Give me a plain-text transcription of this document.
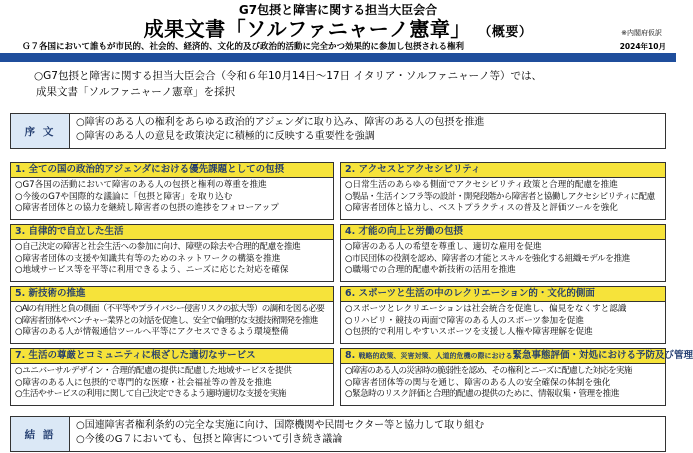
G7包摂と障害に関する担当大臣会合
成果文書「ソルファニャーノ憲章」 （概要）	※内閣府仮訳
Ｇ７各国において誰もが市民的、社会的、経済的、文化的及び政治的活動に完全かつ効果的に参加し包摂される権利	2024年10月
○G7包摂と障害に関する担当大臣会合（令和６年10月14日～17日 イタリア・ソルファニャーノ等）では、
成果文書「ソルファニャーノ憲章」を採択
序 文
○障害のある人の権利をあらゆる政治的アジェンダに取り込み、障害のある人の包摂を推進
○障害のある人の意見を政策決定に積極的に反映する重要性を強調
1. 全ての国の政治的アジェンダにおける優先課題としての包摂
○G7各国の活動において障害のある人の包摂と権利の尊重を推進
○今後のG7や国際的な議論に「包摂と障害」を取り込む
○障害者団体との協力を継続し障害者の包摂の進捗をフォローアップ
2. アクセスとアクセシビリティ
○日常生活のあらゆる側面でアクセシビリティ政策と合理的配慮を推進
○製品・生活インフラ等の設計・開発段階から障害者と協働しアクセシビリティに配慮
○障害者団体と協力し、ベストプラクティスの普及と評価ツールを強化
3. 自律的で自立した生活
○自己決定の障害と社会生活への参加に向け、障壁の除去や合理的配慮を推進
○障害者団体の支援や知識共有等のためのネットワークの構築を推進
○地域サービス等を平等に利用できるよう、ニーズに応じた対応を確保
4. 才能の向上と労働の包摂
○障害のある人の希望を尊重し、適切な雇用を促進
○市民団体の役割を認め、障害者の才能とスキルを強化する組織モデルを推進
○職場での合理的配慮や新技術の活用を推進
5. 新技術の推進
○AIの有用性と負の側面（不平等やプライバシー侵害リスクの拡大等）の調和を図る必要
○障害者団体やベンチャー業界との対話を促進し、安全で倫理的な支援技術開発を推進
○障害のある人が情報通信ツールへ平等にアクセスできるよう環境整備
6. スポーツと生活の中のレクリエーション的・文化的側面
○スポーツとレクリエーションは社会統合を促進し、偏見をなくすと認識
○リハビリ・競技の両面で障害のある人のスポーツ参加を促進
○包摂的で利用しやすいスポーツを支援し人権や障害理解を促進
7. 生活の尊厳とコミュニティに根ざした適切なサービス
○ユニバーサルデザイン・合理的配慮の提供に配慮した地域サービスを提供
○障害のある人に包摂的で専門的な医療・社会福祉等の普及を推進
○生活やサービスの利用に関して自己決定できるよう適時適切な支援を実施
8. 戦略的政策、災害対策、人道的危機の際における緊急事態評価・対処における予防及び管理
○障害のある人の災害時の脆弱性を認め、その権利とニーズに配慮した対応を実施
○障害者団体等の関与を通じ、障害のある人の安全確保の体制を強化
○緊急時のリスク評価と合理的配慮の提供のために、情報収集・管理を推進
結 語
○国連障害者権利条約の完全な実施に向け、国際機関や民間セクター等と協力して取り組む
○今後のG７においても、包摂と障害について引き続き議論
